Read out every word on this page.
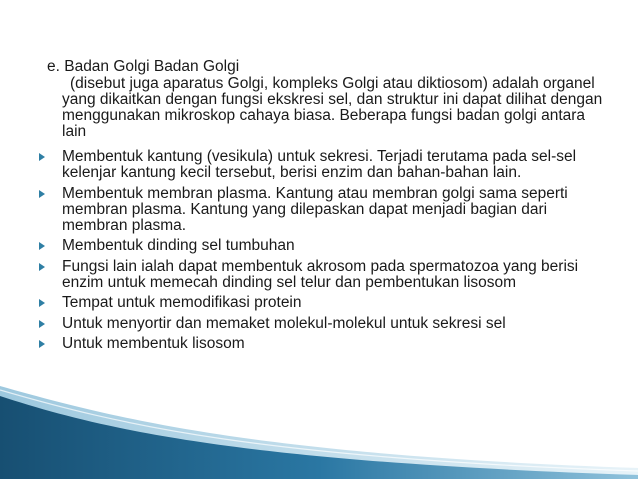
e. Badan Golgi Badan Golgi
(disebut juga aparatus Golgi, kompleks Golgi atau diktiosom) adalah organel yang dikaitkan dengan fungsi ekskresi sel, dan struktur ini dapat dilihat dengan menggunakan mikroskop cahaya biasa. Beberapa fungsi badan golgi antara lain
Membentuk kantung (vesikula) untuk sekresi. Terjadi terutama pada sel-sel kelenjar kantung kecil tersebut, berisi enzim dan bahan-bahan lain.
Membentuk membran plasma. Kantung atau membran golgi sama seperti membran plasma. Kantung yang dilepaskan dapat menjadi bagian dari membran plasma.
Membentuk dinding sel tumbuhan
Fungsi lain ialah dapat membentuk akrosom pada spermatozoa yang berisi enzim untuk memecah dinding sel telur dan pembentukan lisosom
Tempat untuk memodifikasi protein
Untuk menyortir dan memaket molekul-molekul untuk sekresi sel
Untuk membentuk lisosom
